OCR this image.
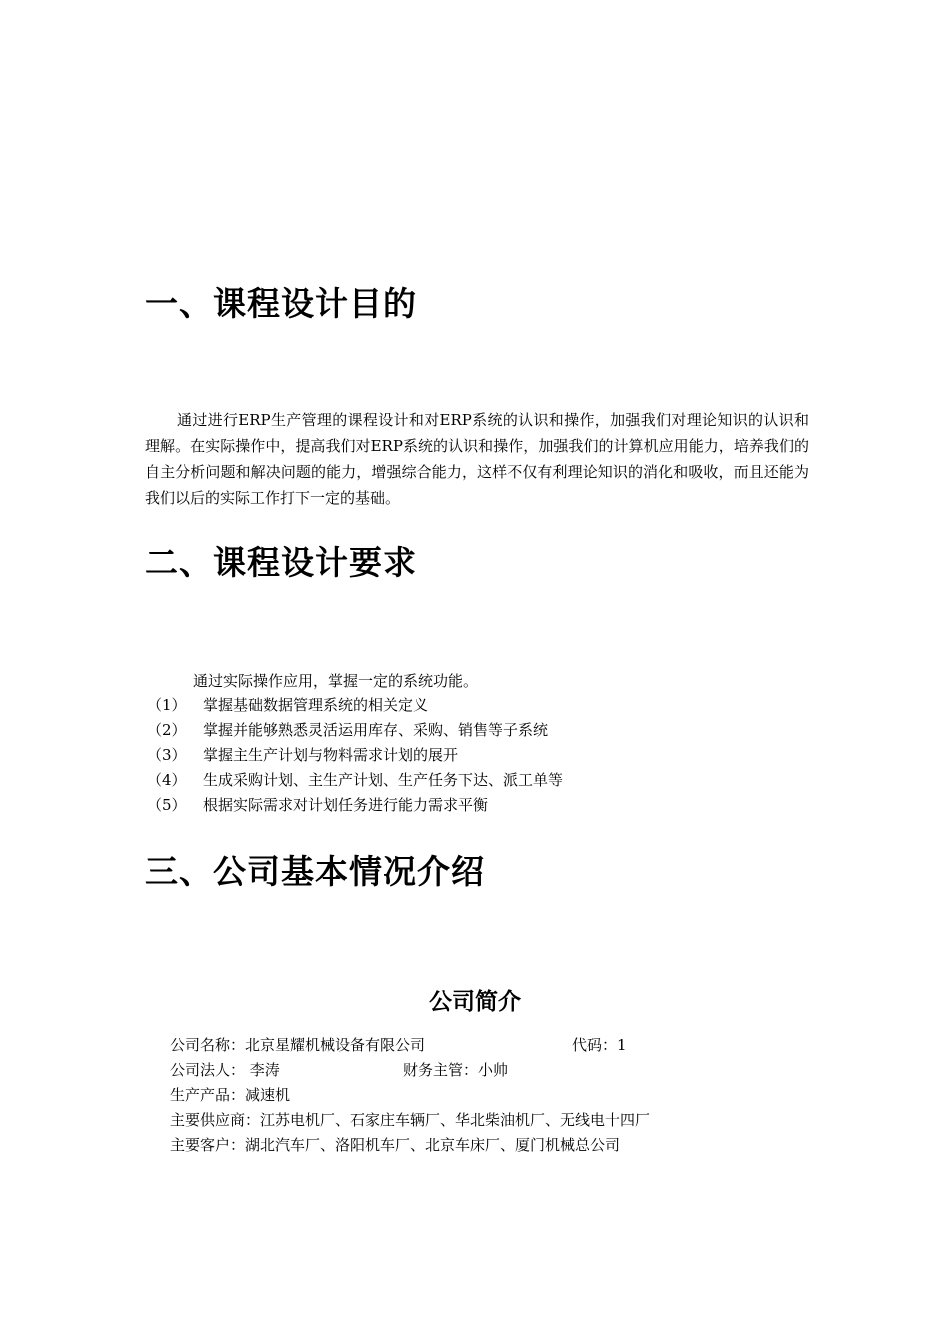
一、课程设计目的

通过进行ERP生产管理的课程设计和对ERP系统的认识和操作，加强我们对理论知识的认识和理解。在实际操作中，提高我们对ERP系统的认识和操作，加强我们的计算机应用能力，培养我们的自主分析问题和解决问题的能力，增强综合能力，这样不仅有利理论知识的消化和吸收，而且还能为我们以后的实际工作打下一定的基础。

二、课程设计要求

通过实际操作应用，掌握一定的系统功能。

（1） 掌握基础数据管理系统的相关定义

（2） 掌握并能够熟悉灵活运用库存、采购、销售等子系统

（3） 掌握主生产计划与物料需求计划的展开

（4） 生成采购计划、主生产计划、生产任务下达、派工单等

（5） 根据实际需求对计划任务进行能力需求平衡

三、公司基本情况介绍
公司简介

公司名称：北京星耀机械设备有限公司	代码：1

公司法人： 李涛	财务主管：小帅

生产产品：减速机

主要供应商：江苏电机厂、石家庄车辆厂、华北柴油机厂、无线电十四厂

主要客户：湖北汽车厂、洛阳机车厂、北京车床厂、厦门机械总公司
